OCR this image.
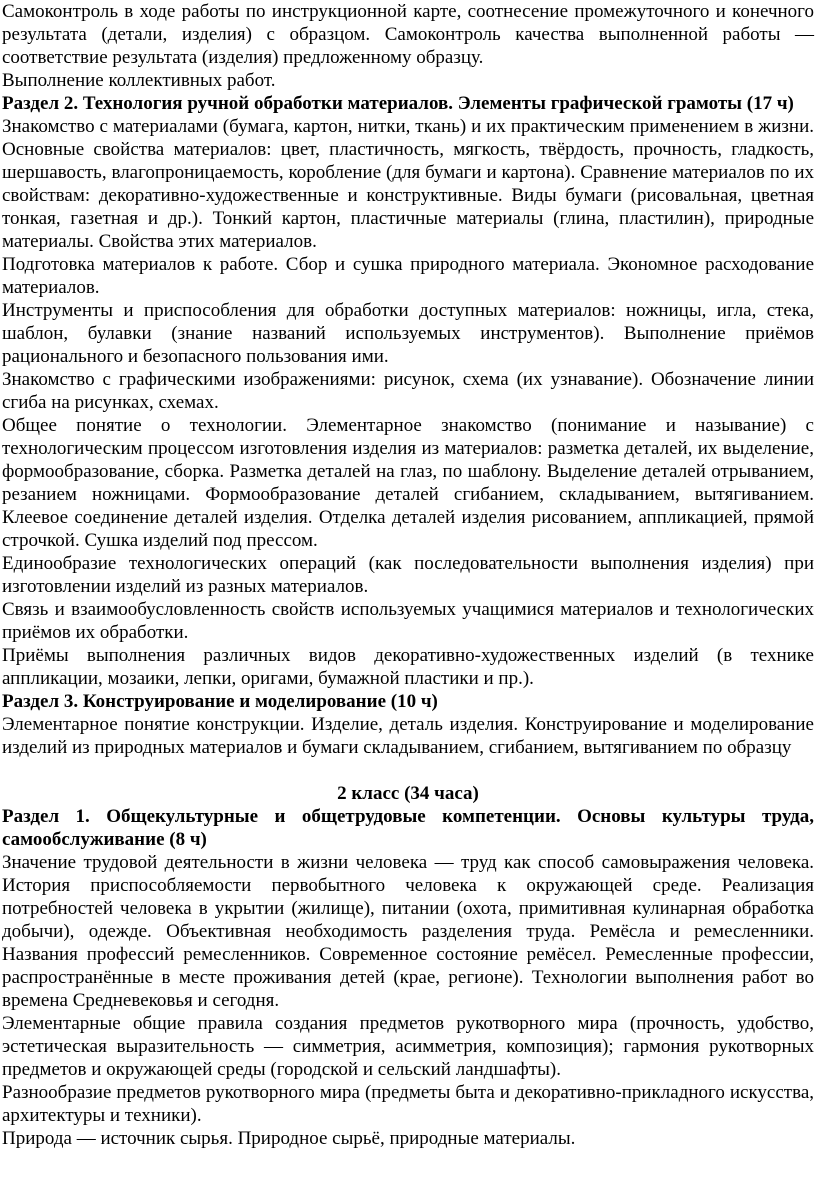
Самоконтроль в ходе работы по инструкционной карте, соотнесение промежуточного и конечного результата (детали, изделия) с образцом. Самоконтроль качества выполненной работы — соответствие результата (изделия) предложенному образцу.

Выполнение коллективных работ.

Раздел 2. Технология ручной обработки материалов. Элементы графической грамоты (17 ч)

Знакомство с материалами (бумага, картон, нитки, ткань) и их практическим применением в жизни. Основные свойства материалов: цвет, пластичность, мягкость, твёрдость, прочность, гладкость, шершавость, влагопроницаемость, коробление (для бумаги и картона). Сравнение материалов по их свойствам: декоративно-художественные и конструктивные. Виды бумаги (рисовальная, цветная тонкая, газетная и др.). Тонкий картон, пластичные материалы (глина, пластилин), природные материалы. Свойства этих материалов.

Подготовка материалов к работе. Сбор и сушка природного материала. Экономное расходование материалов.

Инструменты и приспособления для обработки доступных материалов: ножницы, игла, стека, шаблон, булавки (знание названий используемых инструментов). Выполнение приёмов рационального и безопасного пользования ими.

Знакомство с графическими изображениями: рисунок, схема (их узнавание). Обозначение линии сгиба на рисунках, схемах.

Общее понятие о технологии. Элементарное знакомство (понимание и называние) с технологическим процессом изготовления изделия из материалов: разметка деталей, их выделение, формообразование, сборка. Разметка деталей на глаз, по шаблону. Выделение деталей отрыванием, резанием ножницами. Формообразование деталей сгибанием, складыванием, вытягиванием. Клеевое соединение деталей изделия. Отделка деталей изделия рисованием, аппликацией, прямой строчкой. Сушка изделий под прессом.

Единообразие технологических операций (как последовательности выполнения изделия) при изготовлении изделий из разных материалов.

Связь и взаимообусловленность свойств используемых учащимися материалов и технологических приёмов их обработки.

Приёмы выполнения различных видов декоративно-художественных изделий (в технике аппликации, мозаики, лепки, оригами, бумажной пластики и пр.).

Раздел 3. Конструирование и моделирование (10 ч)

Элементарное понятие конструкции. Изделие, деталь изделия. Конструирование и моделирование изделий из природных материалов и бумаги складыванием, сгибанием, вытягиванием по образцу

2 класс (34 часа)

Раздел 1. Общекультурные и общетрудовые компетенции. Основы культуры труда, самообслуживание (8 ч)

Значение трудовой деятельности в жизни человека — труд как способ самовыражения человека. История приспособляемости первобытного человека к окружающей среде. Реализация потребностей человека в укрытии (жилище), питании (охота, примитивная кулинарная обработка добычи), одежде. Объективная необходимость разделения труда. Ремёсла и ремесленники. Названия профессий ремесленников. Современное состояние ремёсел. Ремесленные профессии, распространённые в месте проживания детей (крае, регионе). Технологии выполнения работ во времена Средневековья и сегодня.

Элементарные общие правила создания предметов рукотворного мира (прочность, удобство, эстетическая выразительность — симметрия, асимметрия, композиция); гармония рукотворных предметов и окружающей среды (городской и сельский ландшафты).

Разнообразие предметов рукотворного мира (предметы быта и декоративно-прикладного искусства, архитектуры и техники).

Природа — источник сырья. Природное сырьё, природные материалы.
